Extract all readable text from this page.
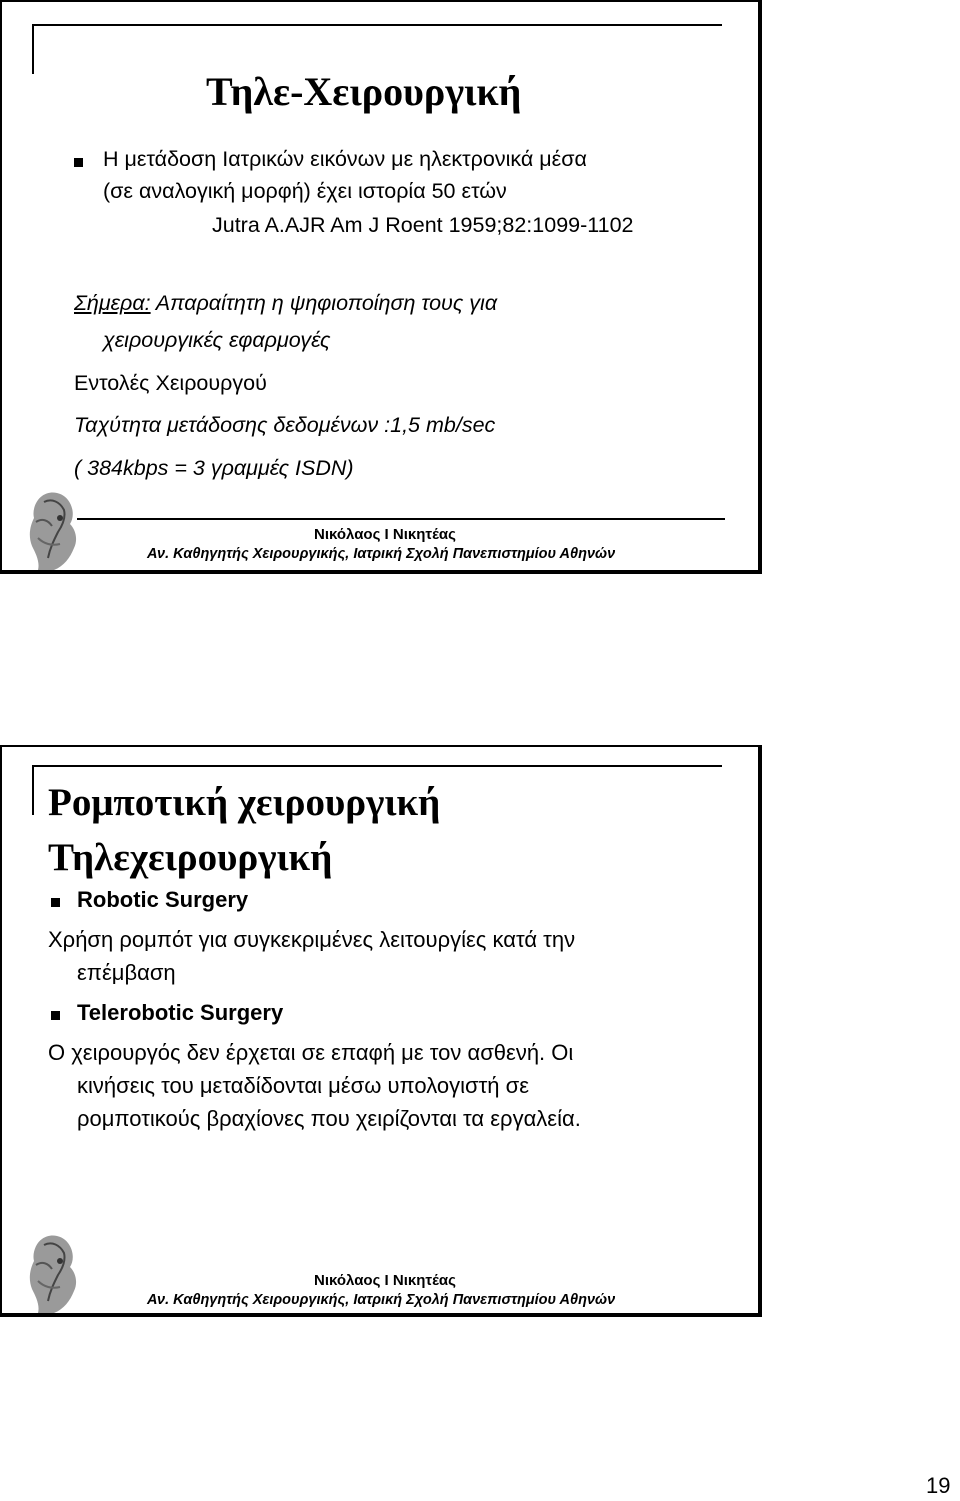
Τηλε-Χειρουργική
Η μετάδοση Ιατρικών εικόνων με ηλεκτρονικά μέσα
(σε αναλογική μορφή) έχει ιστορία 50 ετών
Jutra A.AJR Am J Roent 1959;82:1099-1102
Σήμερα: Απαραίτητη η ψηφιοποίηση τους για
χειρουργικές εφαρμογές
Εντολές Χειρουργού
Ταχύτητα μετάδοσης δεδομένων :1,5 mb/sec
( 384kbps = 3 γραμμές ISDN)
Νικόλαος Ι Νικητέας
Αν. Καθηγητής Χειρουργικής, Ιατρική Σχολή Πανεπιστημίου Αθηνών
Ρομποτική χειρουργική
Τηλεχειρουργική
Robotic Surgery
Χρήση ρομπότ για συγκεκριμένες λειτουργίες κατά την
επέμβαση
Telerobotic Surgery
Ο χειρουργός δεν έρχεται σε επαφή με τον ασθενή. Οι
κινήσεις του μεταδίδονται μέσω υπολογιστή σε
ρομποτικούς βραχίονες που χειρίζονται τα εργαλεία.
Νικόλαος Ι Νικητέας
Αν. Καθηγητής Χειρουργικής, Ιατρική Σχολή Πανεπιστημίου Αθηνών
19
